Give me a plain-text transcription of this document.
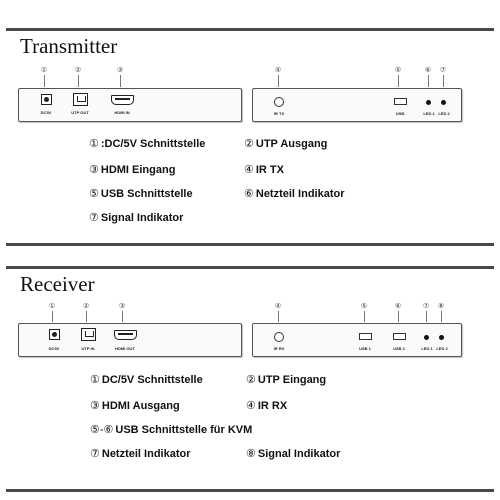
Transmitter
①	②	③	④	⑤	⑥ ⑦
DC5V	UTP OUT	HDMI IN	IR TX	USB	LED 1 LED 2
① :DC/5V Schnittstelle	② UTP Ausgang
③ HDMI Eingang	④ IR TX
⑤ USB Schnittstelle	⑥ Netzteil Indikator
⑦ Signal Indikator
Receiver
①	②	③	④	⑤	⑥	⑦ ⑧
DC5V	UTP IN	HDMI OUT	IR RX	USB 1	USB 2	LED 1 LED 2
① DC/5V Schnittstelle	② UTP Eingang
③ HDMI Ausgang	④ IR RX
⑤-⑥ USB Schnittstelle für KVM
⑦ Netzteil Indikator	⑧ Signal Indikator
